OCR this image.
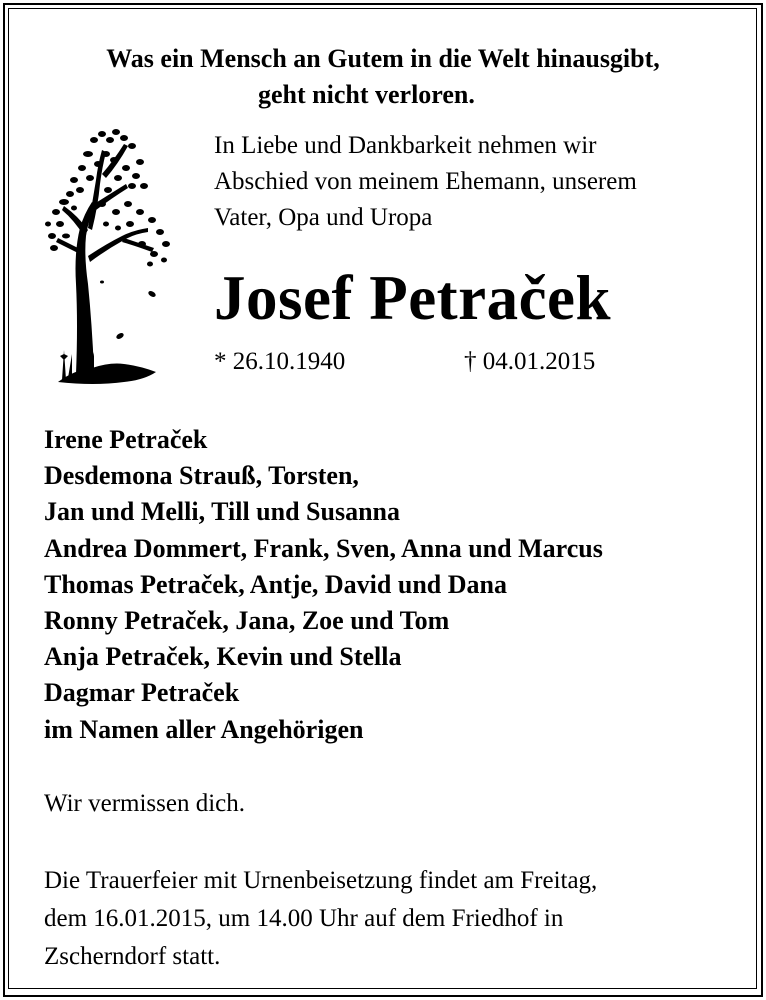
Was ein Mensch an Gutem in die Welt hinausgibt,
geht nicht verloren.
In Liebe und Dankbarkeit nehmen wir
Abschied von meinem Ehemann, unserem
Vater, Opa und Uropa
Josef Petraček
* 26.10.1940	† 04.01.2015
Irene Petraček
Desdemona Strauß, Torsten,
Jan und Melli, Till und Susanna
Andrea Dommert, Frank, Sven, Anna und Marcus
Thomas Petraček, Antje, David und Dana
Ronny Petraček, Jana, Zoe und Tom
Anja Petraček, Kevin und Stella
Dagmar Petraček
im Namen aller Angehörigen
Wir vermissen dich.
Die Trauerfeier mit Urnenbeisetzung findet am Freitag,
dem 16.01.2015, um 14.00 Uhr auf dem Friedhof in
Zscherndorf statt.
